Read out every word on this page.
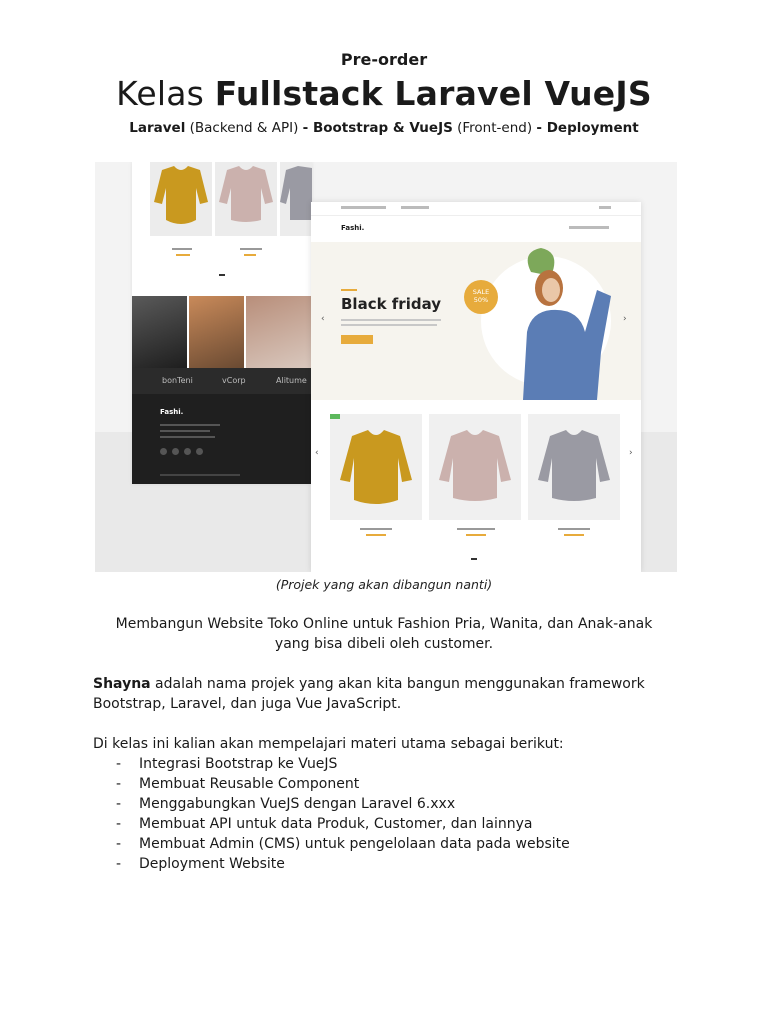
Pre-order
Kelas Fullstack Laravel VueJS
Laravel (Backend & API) - Bootstrap & VueJS (Front-end) - Deployment
bonTeni	vCorp	Alitume
Fashi.
Fashi.
Black friday
SALE
50%
‹	›
‹	›
(Projek yang akan dibangun nanti)
Membangun Website Toko Online untuk Fashion Pria, Wanita, dan Anak-anak yang bisa dibeli oleh customer.
Shayna adalah nama projek yang akan kita bangun menggunakan framework Bootstrap, Laravel, dan juga Vue JavaScript.
Di kelas ini kalian akan mempelajari materi utama sebagai berikut:
- Integrasi Bootstrap ke VueJS
- Membuat Reusable Component
- Menggabungkan VueJS dengan Laravel 6.xxx
- Membuat API untuk data Produk, Customer, dan lainnya
- Membuat Admin (CMS) untuk pengelolaan data pada website
- Deployment Website
